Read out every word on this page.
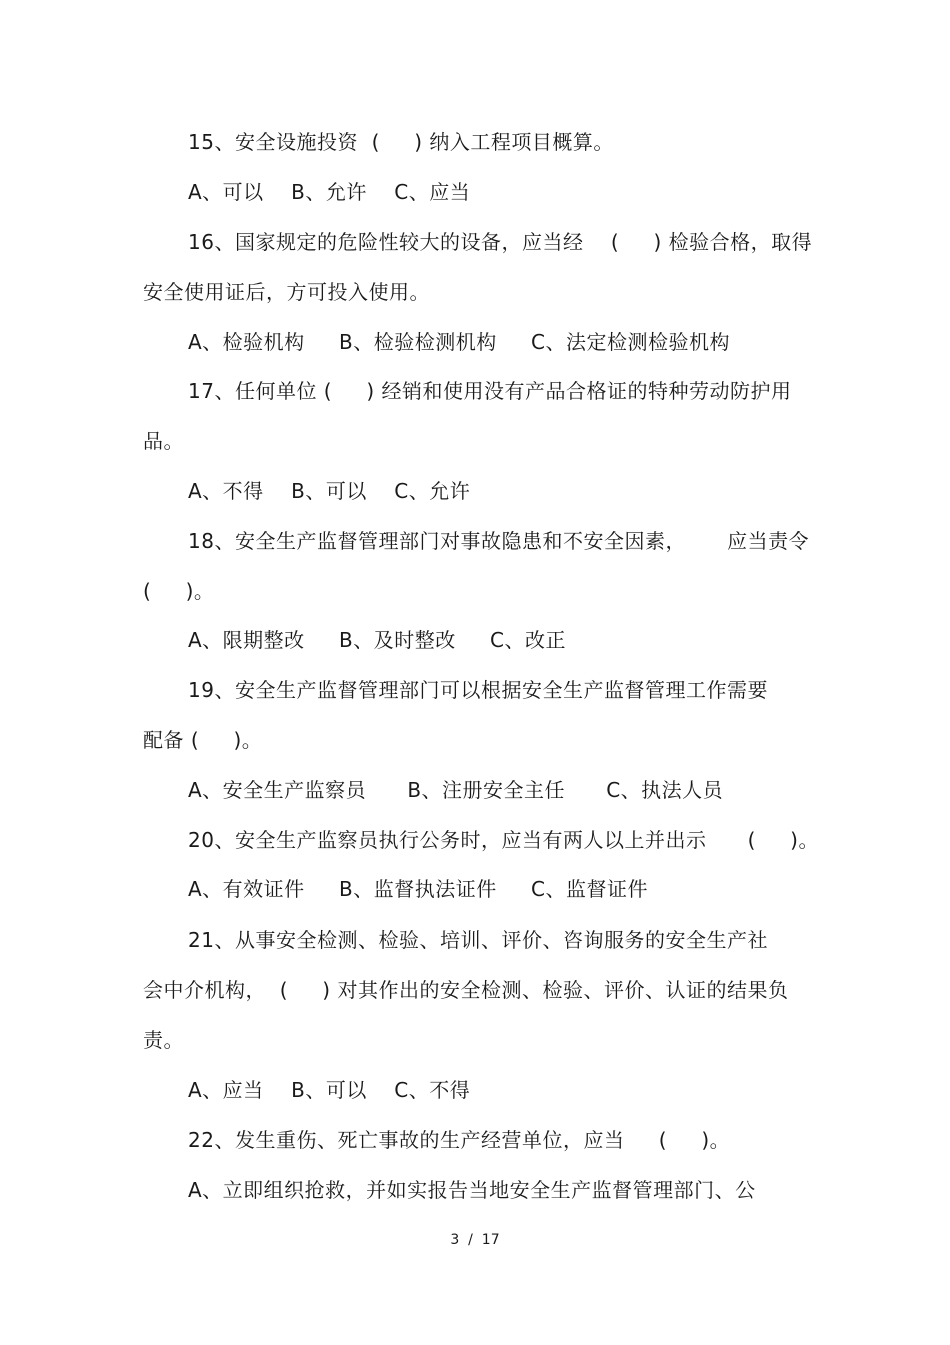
15、安全设施投资  (     ) 纳入工程项目概算。
A、可以    B、允许    C、应当
16、国家规定的危险性较大的设备，应当经    (     ) 检验合格，取得
安全使用证后，方可投入使用。
A、检验机构     B、检验检测机构     C、法定检测检验机构
17、任何单位 (     ) 经销和使用没有产品合格证的特种劳动防护用
品。
A、不得    B、可以    C、允许
18、安全生产监督管理部门对事故隐患和不安全因素，      应当责令
(     )。
A、限期整改     B、及时整改     C、改正
19、安全生产监督管理部门可以根据安全生产监督管理工作需要
配备 (     )。
A、安全生产监察员      B、注册安全主任      C、执法人员
20、安全生产监察员执行公务时，应当有两人以上并出示      (     )。
A、有效证件     B、监督执法证件     C、监督证件
21、从事安全检测、检验、培训、评价、咨询服务的安全生产社
会中介机构，  (     ) 对其作出的安全检测、检验、评价、认证的结果负
责。
A、应当    B、可以    C、不得
22、发生重伤、死亡事故的生产经营单位，应当     (     )。
A、立即组织抢救，并如实报告当地安全生产监督管理部门、公
3  /  17
